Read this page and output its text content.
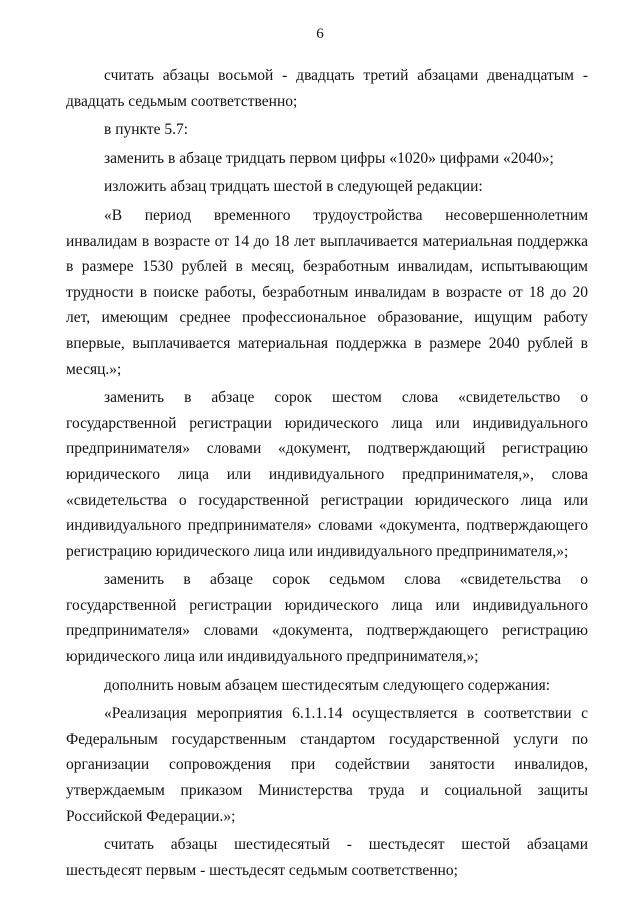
6

считать абзацы восьмой - двадцать третий абзацами двенадцатым - двадцать седьмым соответственно;

в пункте 5.7:

заменить в абзаце тридцать первом цифры «1020» цифрами «2040»;

изложить абзац тридцать шестой в следующей редакции:

«В период временного трудоустройства несовершеннолетним инвалидам в возрасте от 14 до 18 лет выплачивается материальная поддержка в размере 1530 рублей в месяц, безработным инвалидам, испытывающим трудности в поиске работы, безработным инвалидам в возрасте от 18 до 20 лет, имеющим среднее профессиональное образование, ищущим работу впервые, выплачивается материальная поддержка в размере 2040 рублей в месяц.»;

заменить в абзаце сорок шестом слова «свидетельство о государственной регистрации юридического лица или индивидуального предпринимателя» словами «документ, подтверждающий регистрацию юридического лица или индивидуального предпринимателя,», слова «свидетельства о государственной регистрации юридического лица или индивидуального предпринимателя» словами «документа, подтверждающего регистрацию юридического лица или индивидуального предпринимателя,»;

заменить в абзаце сорок седьмом слова «свидетельства о государственной регистрации юридического лица или индивидуального предпринимателя» словами «документа, подтверждающего регистрацию юридического лица или индивидуального предпринимателя,»;

дополнить новым абзацем шестидесятым следующего содержания:

«Реализация мероприятия 6.1.1.14 осуществляется в соответствии с Федеральным государственным стандартом государственной услуги по организации сопровождения при содействии занятости инвалидов, утверждаемым приказом Министерства труда и социальной защиты Российской Федерации.»;

считать абзацы шестидесятый - шестьдесят шестой абзацами шестьдесят первым - шестьдесят седьмым соответственно;
